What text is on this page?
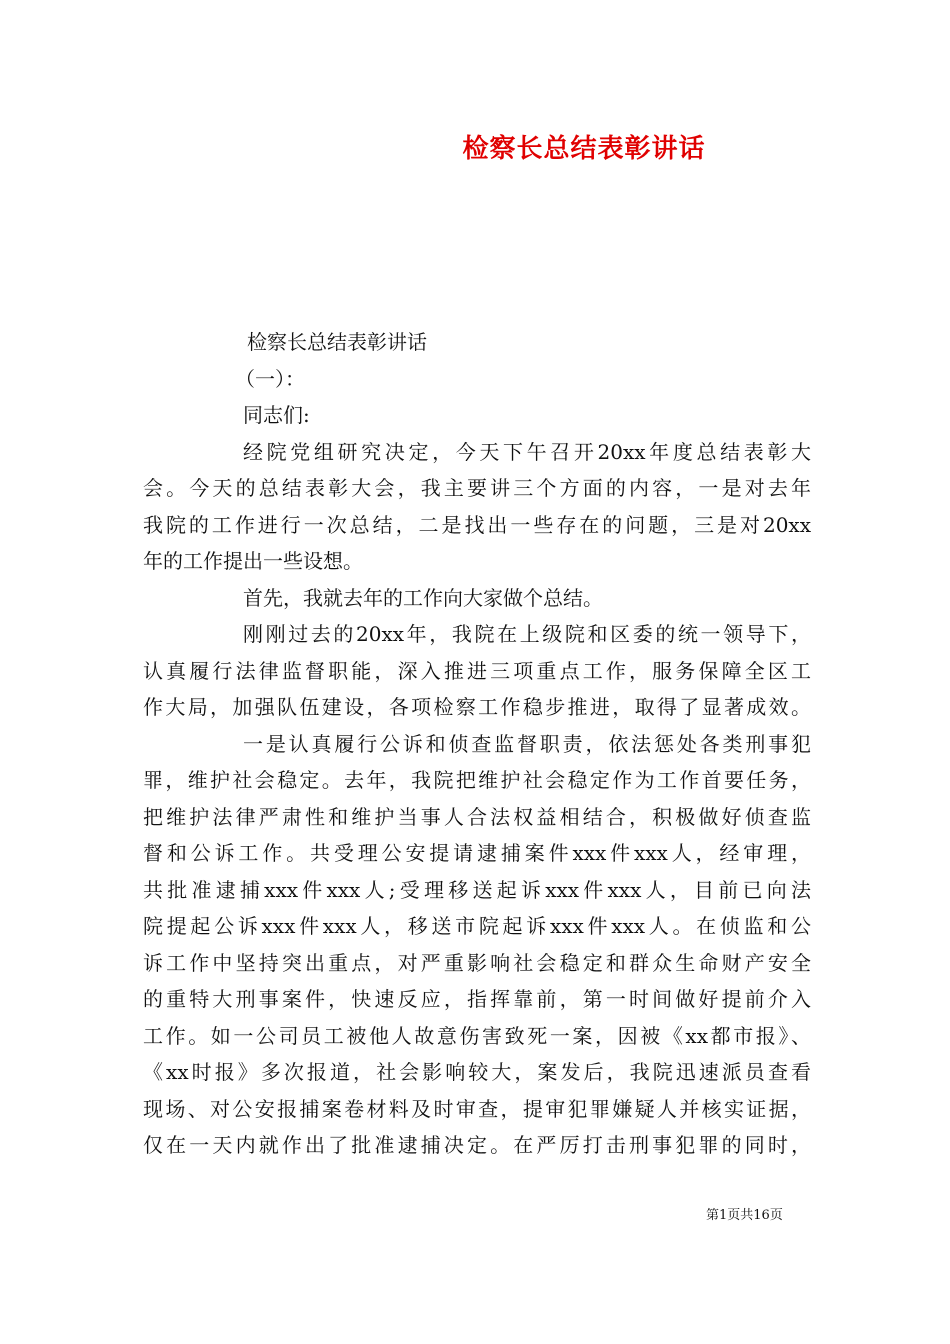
检察长总结表彰讲话
检察长总结表彰讲话
（一）：
同志们:
经院党组研究决定，今天下午召开20xx年度总结表彰大
会。今天的总结表彰大会，我主要讲三个方面的内容，一是对去年
我院的工作进行一次总结，二是找出一些存在的问题，三是对20xx
年的工作提出一些设想。
首先，我就去年的工作向大家做个总结。
刚刚过去的20xx年，我院在上级院和区委的统一领导下，
认真履行法律监督职能，深入推进三项重点工作，服务保障全区工
作大局，加强队伍建设，各项检察工作稳步推进，取得了显著成效。
一是认真履行公诉和侦查监督职责，依法惩处各类刑事犯
罪，维护社会稳定。去年，我院把维护社会稳定作为工作首要任务，
把维护法律严肃性和维护当事人合法权益相结合，积极做好侦查监
督和公诉工作。共受理公安提请逮捕案件xxx件xxx人，经审理，
共批准逮捕xxx件xxx人;受理移送起诉xxx件xxx人，目前已向法
院提起公诉xxx件xxx人，移送市院起诉xxx件xxx人。在侦监和公
诉工作中坚持突出重点，对严重影响社会稳定和群众生命财产安全
的重特大刑事案件，快速反应，指挥靠前，第一时间做好提前介入
工作。如一公司员工被他人故意伤害致死一案，因被《xx都市报》、
《xx时报》多次报道，社会影响较大，案发后，我院迅速派员查看
现场、对公安报捕案卷材料及时审查，提审犯罪嫌疑人并核实证据，
仅在一天内就作出了批准逮捕决定。在严厉打击刑事犯罪的同时，
第1页共16页
